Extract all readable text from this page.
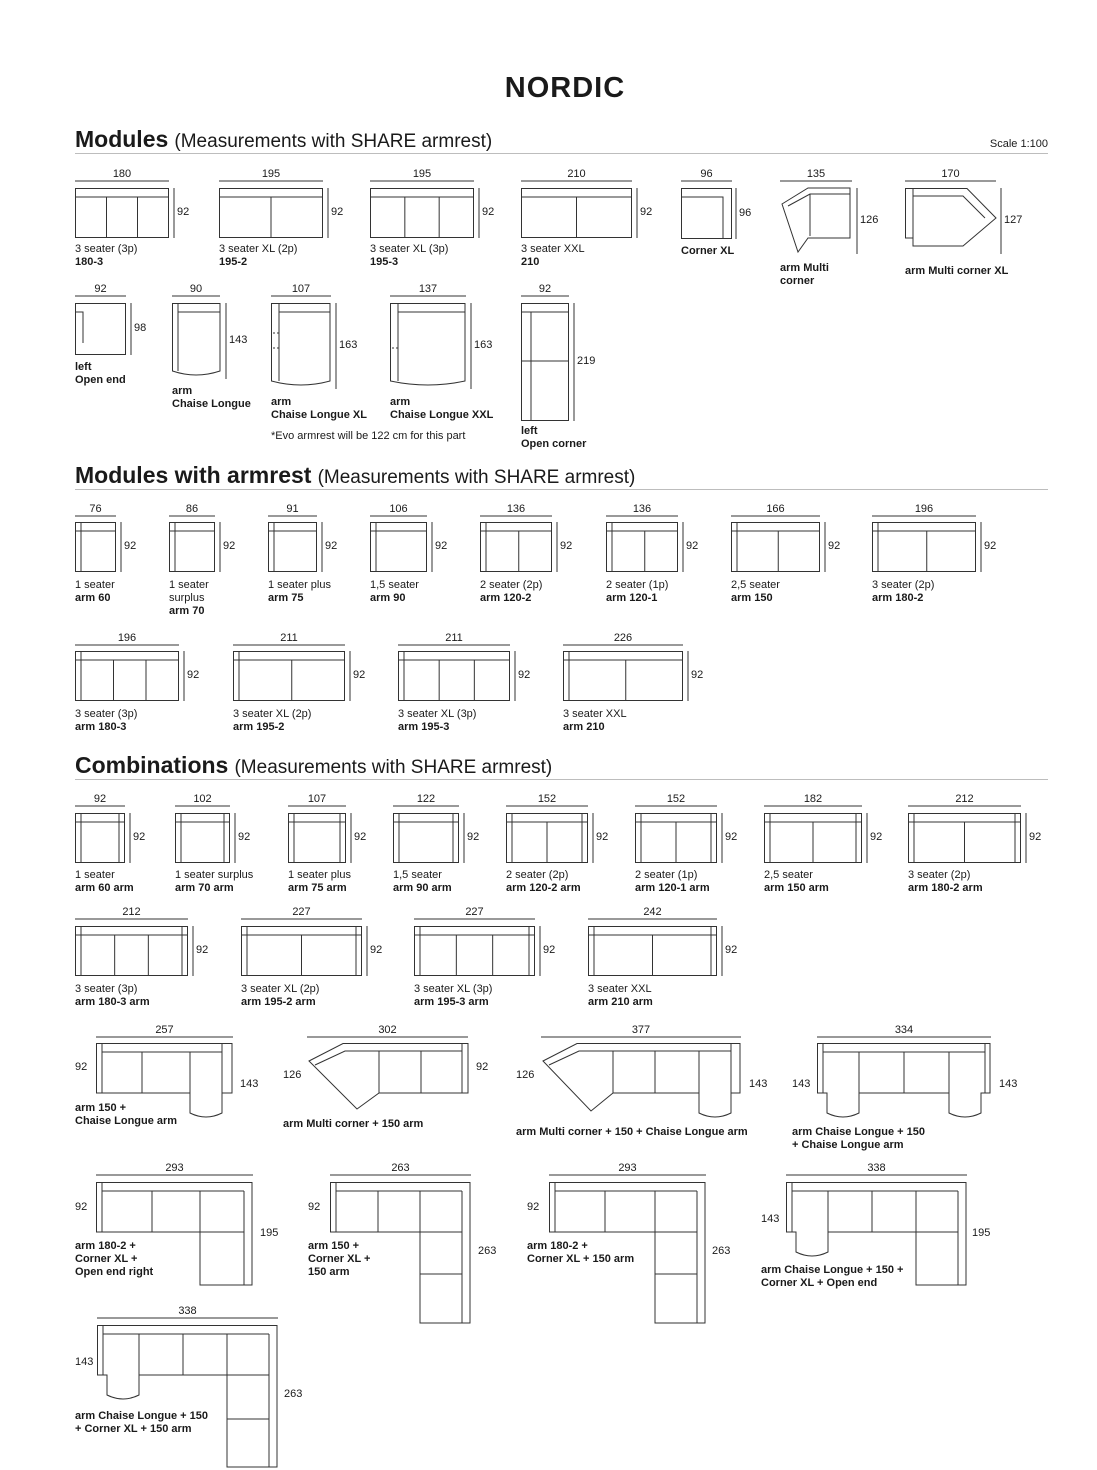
NORDIC
Modules (Measurements with SHARE armrest)	Scale 1:100
Modules with armrest (Measurements with SHARE armrest)
Combinations (Measurements with SHARE armrest)
*Evo armrest will be 122 cm for this part
180
92
3 seater (3p)
180-3
195
92
3 seater XL (2p)
195-2
195
92
3 seater XL (3p)
195-3
210
92
3 seater XXL
210
96
96
Corner XL
135
126
arm Multi
corner
170
127
arm Multi corner XL
92
98
left
Open end
90
143
arm
Chaise Longue
107
163
arm
Chaise Longue XL
137
163
arm
Chaise Longue XXL
92
219
left
Open corner
76
92
1 seater
arm 60
86
92
1 seater
surplus
arm 70
91
92
1 seater plus
arm 75
106
92
1,5 seater
arm 90
136
92
2 seater (2p)
arm 120-2
136
92
2 seater (1p)
arm 120-1
166
92
2,5 seater
arm 150
196
92
3 seater (2p)
arm 180-2
196
92
3 seater (3p)
arm 180-3
211
92
3 seater XL (2p)
arm 195-2
211
92
3 seater XL (3p)
arm 195-3
226
92
3 seater XXL
arm 210
92
92
1 seater
arm 60 arm
102
92
1 seater surplus
arm 70 arm
107
92
1 seater plus
arm 75 arm
122
92
1,5 seater
arm 90 arm
152
92
2 seater (2p)
arm 120-2 arm
152
92
2 seater (1p)
arm 120-1 arm
182
92
2,5 seater
arm 150 arm
212
92
3 seater (2p)
arm 180-2 arm
212
92
3 seater (3p)
arm 180-3 arm
227
92
3 seater XL (2p)
arm 195-2 arm
227
92
3 seater XL (3p)
arm 195-3 arm
242
92
3 seater XXL
arm 210 arm
257
92
143
arm 150 +
Chaise Longue arm
302
126
92
arm Multi corner + 150 arm
377
126
143
arm Multi corner + 150 + Chaise Longue arm
334
143	143
arm Chaise Longue + 150
+ Chaise Longue arm
293
92
195
arm 180-2 +
Corner XL +
Open end right
263
92
263
arm 150 +
Corner XL +
150 arm
293
92
263
arm 180-2 +
Corner XL + 150 arm
338
143
195
arm Chaise Longue + 150 +
Corner XL + Open end
338
143
263
arm Chaise Longue + 150
+ Corner XL + 150 arm
